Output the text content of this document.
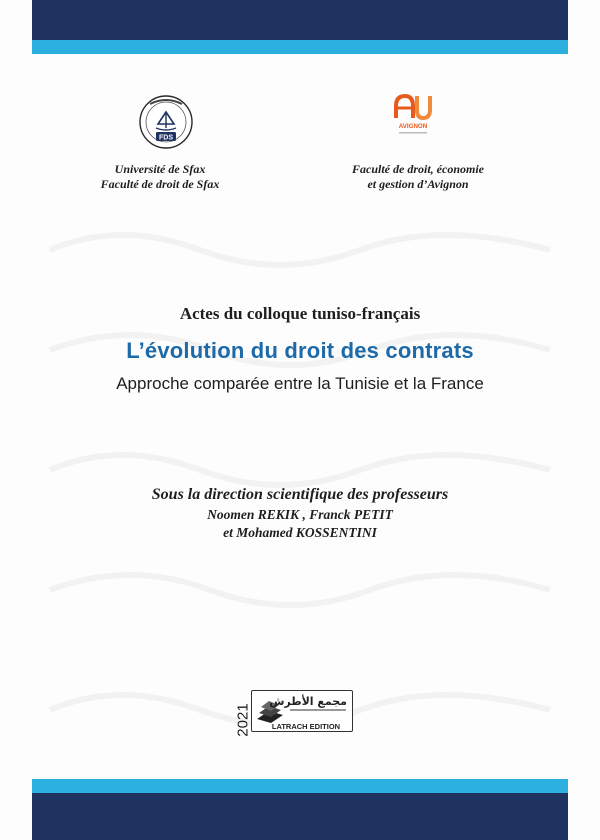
FDS
AVIGNON
Université de Sfax
Faculté de droit de Sfax
Faculté de droit, économie
et gestion d’Avignon
Actes du colloque tuniso-français
L’évolution du droit des contrats
Approche comparée entre la Tunisie et la France
Sous la direction scientifique des professeurs
Noomen REKIK , Franck PETIT
et Mohamed KOSSENTINI
2021
مجمع الأطرش
LATRACH EDITION
